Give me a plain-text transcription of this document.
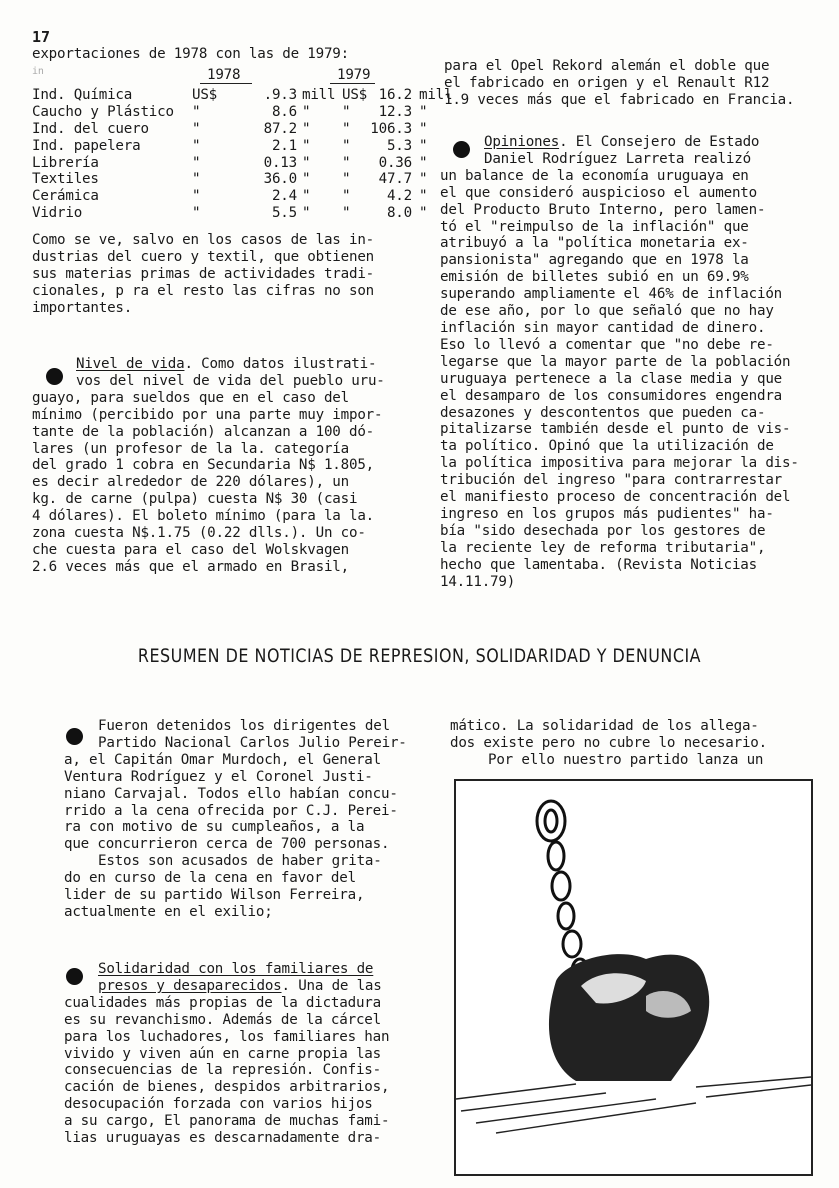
17
exportaciones de 1978 con las de 1979:
in	1978	1979
Ind. Química	US$	.9.3 mill US$ 16.2 mill
Caucho y Plástico "	8.6 " "	12.3 "
Ind. del cuero	"	87.2 " "	106.3 "
Ind. papelera	"	2.1 " "	5.3 "
Librería	"	0.13 " "	0.36 "
Textiles	"	36.0 " "	47.7 "
Cerámica	"	2.4 " "	4.2 "
Vidrio	"	5.5 " "	8.0 "

Como se ve, salvo en los casos de las in-

dustrias del cuero y textil, que obtienen

sus materias primas de actividades tradi-

cionales, p ra el resto las cifras no son

importantes.

Nivel de vida. Como datos ilustrati-

vos del nivel de vida del pueblo uru-

guayo, para sueldos que en el caso del

mínimo (percibido por una parte muy impor-

tante de la población) alcanzan a 100 dó-

lares (un profesor de la la. categoría

del grado 1 cobra en Secundaria N$ 1.805,

es decir alrededor de 220 dólares), un

kg. de carne (pulpa) cuesta N$ 30 (casi

4 dólares). El boleto mínimo (para la la.

zona cuesta N$.1.75 (0.22 dlls.). Un co-

che cuesta para el caso del Wolskvagen

2.6 veces más que el armado en Brasil,

para el Opel Rekord alemán el doble que

el fabricado en origen y el Renault R12

1.9 veces más que el fabricado en Francia.

Opiniones. El Consejero de Estado

Daniel Rodríguez Larreta realizó

un balance de la economía uruguaya en

el que consideró auspicioso el aumento

del Producto Bruto Interno, pero lamen-

tó el "reimpulso de la inflación" que

atribuyó a la "política monetaria ex-

pansionista" agregando que en 1978 la

emisión de billetes subió en un 69.9%

superando ampliamente el 46% de inflación

de ese año, por lo que señaló que no hay

inflación sin mayor cantidad de dinero.

Eso lo llevó a comentar que "no debe re-

legarse que la mayor parte de la población

uruguaya pertenece a la clase media y que

el desamparo de los consumidores engendra

desazones y descontentos que pueden ca-

pitalizarse también desde el punto de vis-

ta político. Opinó que la utilización de

la política impositiva para mejorar la dis-

tribución del ingreso "para contrarrestar

el manifiesto proceso de concentración del

ingreso en los grupos más pudientes" ha-

bía "sido desechada por los gestores de

la reciente ley de reforma tributaria",

hecho que lamentaba. (Revista Noticias

14.11.79)

RESUMEN DE NOTICIAS DE REPRESION, SOLIDARIDAD Y DENUNCIA

Fueron detenidos los dirigentes del

Partido Nacional Carlos Julio Pereir-

a, el Capitán Omar Murdoch, el General

Ventura Rodríguez y el Coronel Justi-

niano Carvajal. Todos ello habían concu-

rrido a la cena ofrecida por C.J. Perei-

ra con motivo de su cumpleaños, a la

que concurrieron cerca de 700 personas.

Estos son acusados de haber grita-

do en curso de la cena en favor del

lider de su partido Wilson Ferreira,

actualmente en el exilio;

Solidaridad con los familiares de

presos y desaparecidos. Una de las

cualidades más propias de la dictadura

es su revanchismo. Además de la cárcel

para los luchadores, los familiares han

vivido y viven aún en carne propia las

consecuencias de la represión. Confis-

cación de bienes, despidos arbitrarios,

desocupación forzada con varios hijos

a su cargo, El panorama de muchas fami-

lias uruguayas es descarnadamente dra-

mático. La solidaridad de los allega-

dos existe pero no cubre lo necesario.

Por ello nuestro partido lanza un
